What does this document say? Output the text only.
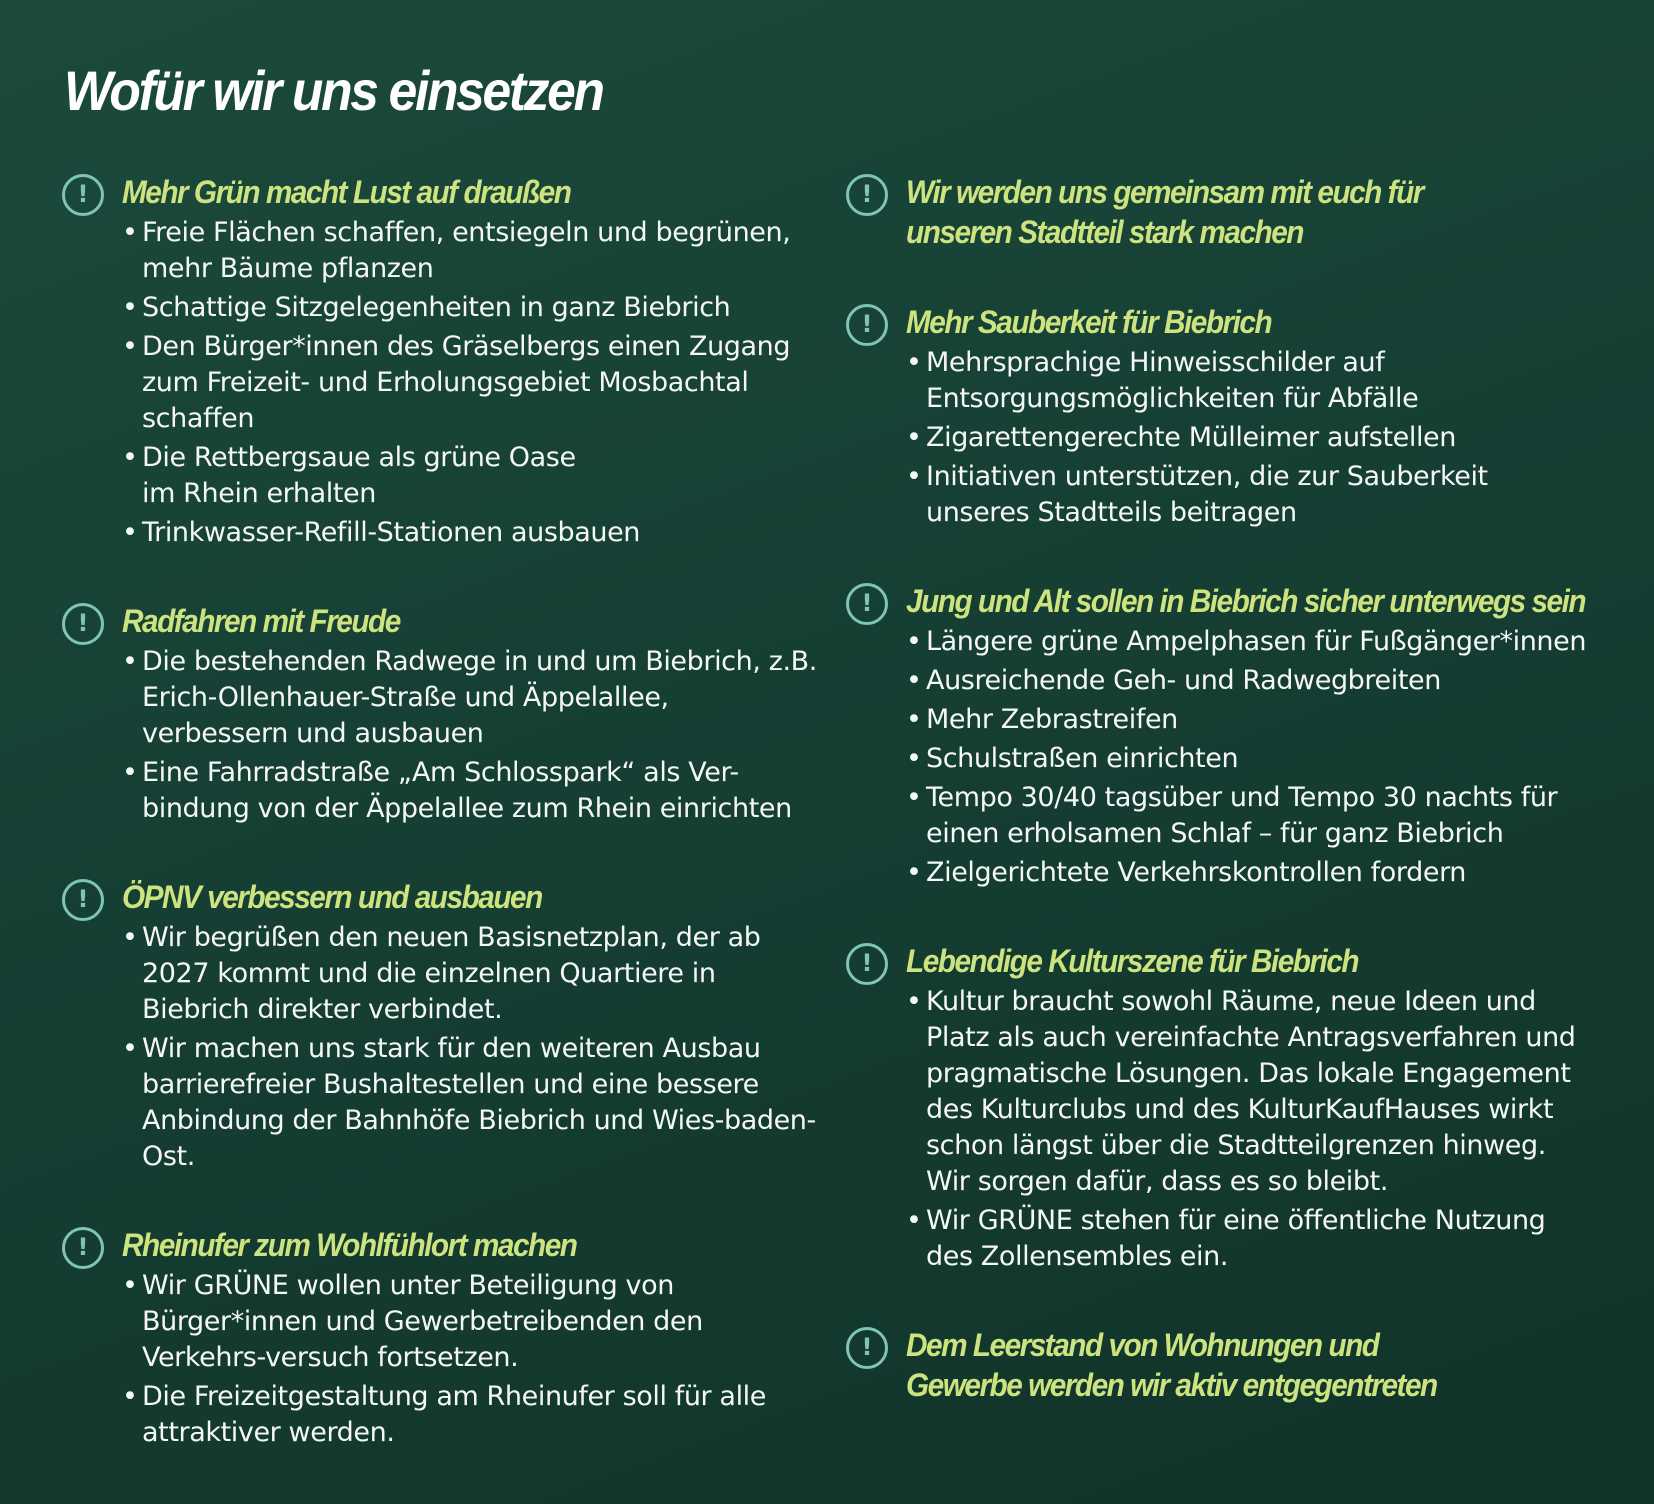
Wofür wir uns einsetzen
!	Mehr Grün macht Lust auf draußen
• Freie Flächen schaffen, entsiegeln und begrünen, mehr Bäume pflanzen
• Schattige Sitzgelegenheiten in ganz Biebrich
• Den Bürger*innen des Gräselbergs einen Zugang zum Freizeit- und Erholungsgebiet Mosbachtal schaffen
• Die Rettbergsaue als grüne Oase im Rhein erhalten
• Trinkwasser-Refill-Stationen ausbauen
!	Radfahren mit Freude
• Die bestehenden Radwege in und um Biebrich, z.B. Erich-Ollenhauer-Straße und Äppelallee, verbessern und ausbauen
• Eine Fahrradstraße „Am Schlosspark“ als Ver-bindung von der Äppelallee zum Rhein einrichten
!	ÖPNV verbessern und ausbauen
• Wir begrüßen den neuen Basisnetzplan, der ab 2027 kommt und die einzelnen Quartiere in Biebrich direkter verbindet.
• Wir machen uns stark für den weiteren Ausbau barrierefreier Bushaltestellen und eine bessere Anbindung der Bahnhöfe Biebrich und Wies-baden-Ost.
!	Rheinufer zum Wohlfühlort machen
• Wir GRÜNE wollen unter Beteiligung von Bürger*innen und Gewerbetreibenden den Verkehrs-versuch fortsetzen.
• Die Freizeitgestaltung am Rheinufer soll für alle attraktiver werden.
!	Wir werden uns gemeinsam mit euch für unseren Stadtteil stark machen
!	Mehr Sauberkeit für Biebrich
• Mehrsprachige Hinweisschilder auf Entsorgungsmöglichkeiten für Abfälle
• Zigarettengerechte Mülleimer aufstellen
• Initiativen unterstützen, die zur Sauberkeit unseres Stadtteils beitragen
!	Jung und Alt sollen in Biebrich sicher unterwegs sein
• Längere grüne Ampelphasen für Fußgänger*innen
• Ausreichende Geh- und Radwegbreiten
• Mehr Zebrastreifen
• Schulstraßen einrichten
• Tempo 30/40 tagsüber und Tempo 30 nachts für einen erholsamen Schlaf – für ganz Biebrich
• Zielgerichtete Verkehrskontrollen fordern
!	Lebendige Kulturszene für Biebrich
• Kultur braucht sowohl Räume, neue Ideen und Platz als auch vereinfachte Antragsverfahren und pragmatische Lösungen. Das lokale Engagement des Kulturclubs und des KulturKaufHauses wirkt schon längst über die Stadtteilgrenzen hinweg. Wir sorgen dafür, dass es so bleibt.
• Wir GRÜNE stehen für eine öffentliche Nutzung des Zollensembles ein.
!	Dem Leerstand von Wohnungen und Gewerbe werden wir aktiv entgegentreten
